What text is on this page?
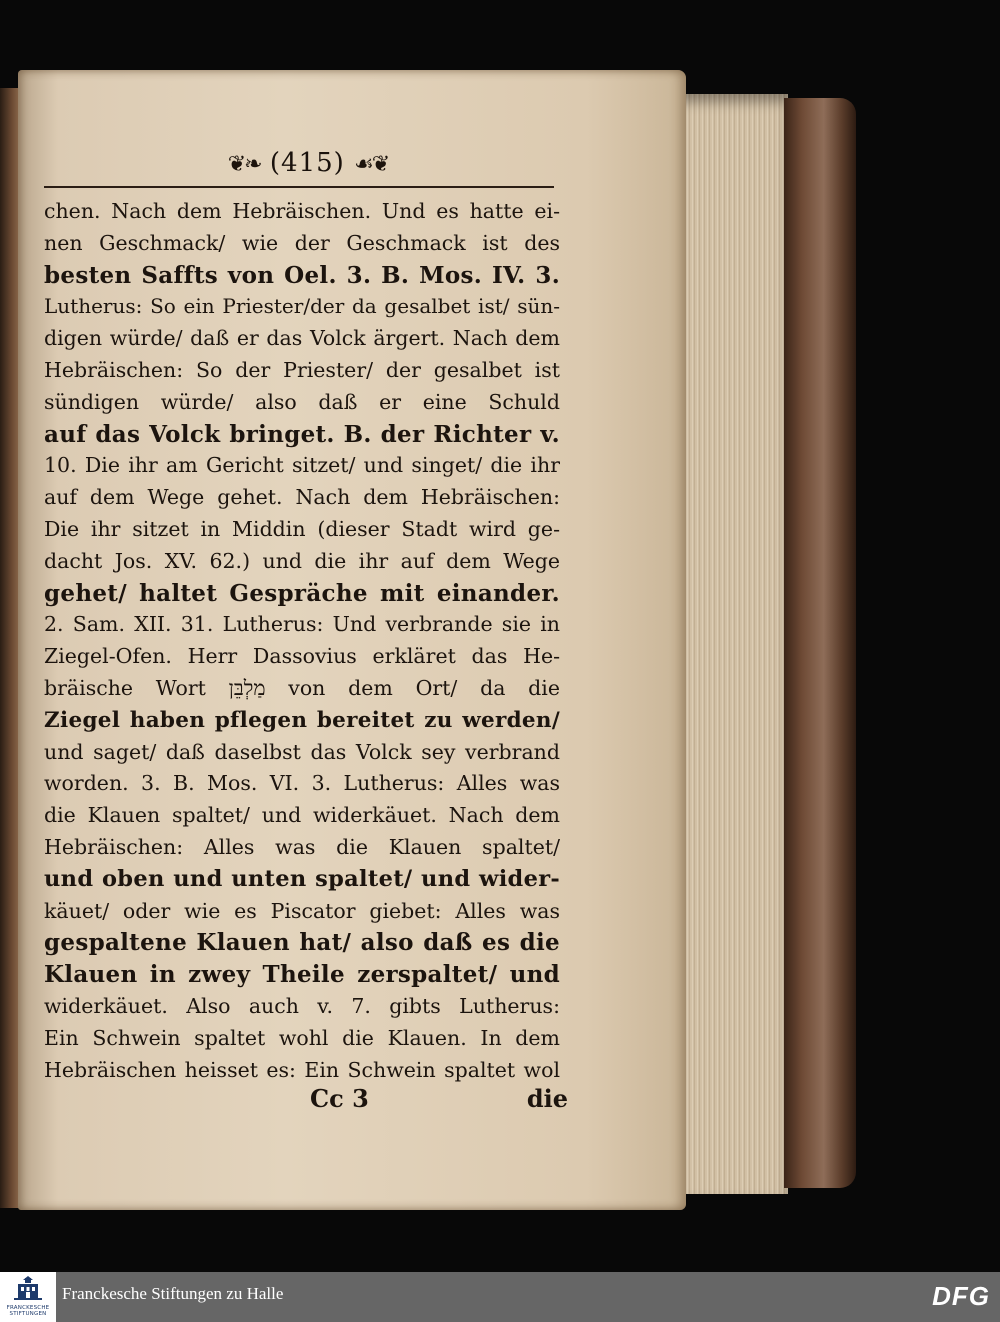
❦❧ (415) ☙❦
chen. Nach dem Hebräischen. Und es hatte ei-
nen Geschmack/ wie der Geschmack ist des
besten Saffts von Oel. 3. B. Mos. IV. 3.
Lutherus: So ein Priester/der da gesalbet ist/ sün-
digen würde/ daß er das Volck ärgert. Nach dem
Hebräischen: So der Priester/ der gesalbet ist
sündigen würde/ also daß er eine Schuld
auf das Volck bringet. B. der Richter v.
10. Die ihr am Gericht sitzet/ und singet/ die ihr
auf dem Wege gehet. Nach dem Hebräischen:
Die ihr sitzet in Middin (dieser Stadt wird ge-
dacht Jos. XV. 62.) und die ihr auf dem Wege
gehet/ haltet Gespräche mit einander.
2. Sam. XII. 31. Lutherus: Und verbrande sie in
Ziegel-Ofen. Herr Dassovius erkläret das He-
bräische Wort מַלְבֵּן von dem Ort/ da die
Ziegel haben pflegen bereitet zu werden/
und saget/ daß daselbst das Volck sey verbrand
worden. 3. B. Mos. VI. 3. Lutherus: Alles was
die Klauen spaltet/ und widerkäuet. Nach dem
Hebräischen: Alles was die Klauen spaltet/
und oben und unten spaltet/ und wider-
käuet/ oder wie es Piscator giebet: Alles was
gespaltene Klauen hat/ also daß es die
Klauen in zwey Theile zerspaltet/ und
widerkäuet. Also auch v. 7. gibts Lutherus:
Ein Schwein spaltet wohl die Klauen. In dem
Hebräischen heisset es: Ein Schwein spaltet wol
Cc 3	die
FRANCKESCHE STIFTUNGEN
Franckesche Stiftungen zu Halle	DFG
